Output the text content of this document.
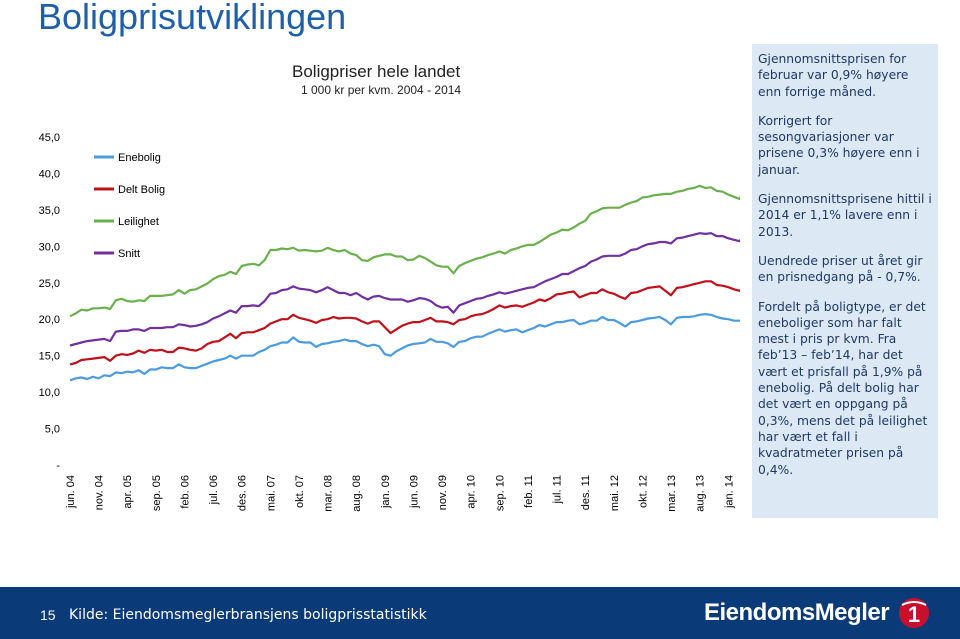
Boligprisutviklingen
Boligpriser hele landet
1 000 kr per kvm. 2004 - 2014
-
5,0
10,0
15,0
20,0
25,0
30,0
35,0
40,0
45,0
jun. 04 nov. 04 apr. 05 sep. 05 feb. 06 jul. 06 des. 06 mai. 07 okt. 07 mar. 08 aug. 08 jan. 09 jun. 09 nov. 09 apr. 10 sep. 10 feb. 11 jul. 11 des. 11 mai. 12 okt. 12 mar. 13 aug. 13 jan. 14
Enebolig
Delt Bolig
Leilighet
Snitt

Gjennomsnittsprisen for februar var 0,9% høyere enn forrige måned.

Korrigert for sesongvariasjoner var prisene 0,3% høyere enn i januar.

Gjennomsnittsprisene hittil i 2014 er 1,1% lavere enn i 2013.

Uendrede priser ut året gir en prisnedgang på - 0,7%.

Fordelt på boligtype, er det eneboliger som har falt mest i pris pr kvm. Fra feb’13 – feb’14, har det vært et prisfall på 1,9% på enebolig. På delt bolig har det vært en oppgang på 0,3%, mens det på leilighet har vært et fall i kvadratmeter prisen på 0,4%.

15 Kilde: Eiendomsmeglerbransjens boligprisstatistikk	EiendomsMegler 1
